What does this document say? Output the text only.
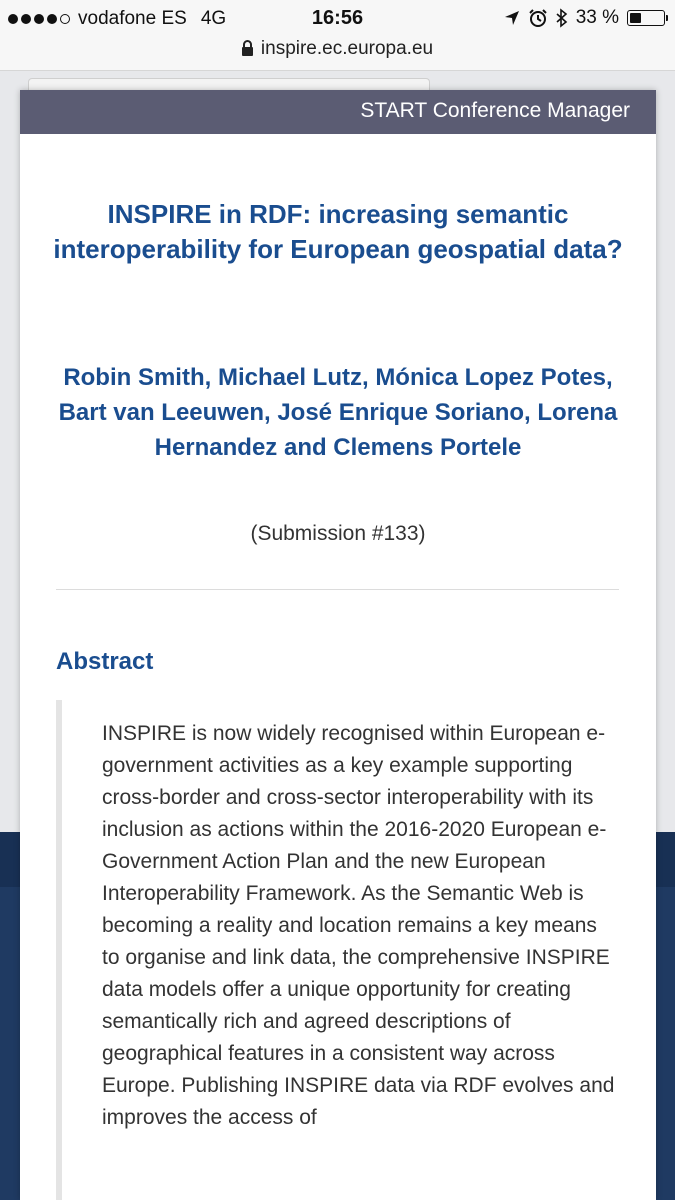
vodafone ES 4G	16:56	33 %
inspire.ec.europa.eu
START Conference Manager
INSPIRE in RDF: increasing semantic interoperability for European geospatial data?
Robin Smith, Michael Lutz, Mónica Lopez Potes, Bart van Leeuwen, José Enrique Soriano, Lorena Hernandez and Clemens Portele

(Submission #133)

Abstract

INSPIRE is now widely recognised within European e-government activities as a key example supporting cross-border and cross-sector interoperability with its inclusion as actions within the 2016-2020 European e-Government Action Plan and the new European Interoperability Framework. As the Semantic Web is becoming a reality and location remains a key means to organise and link data, the comprehensive INSPIRE data models offer a unique opportunity for creating semantically rich and agreed descriptions of geographical features in a consistent way across Europe. Publishing INSPIRE data via RDF evolves and improves the access of
